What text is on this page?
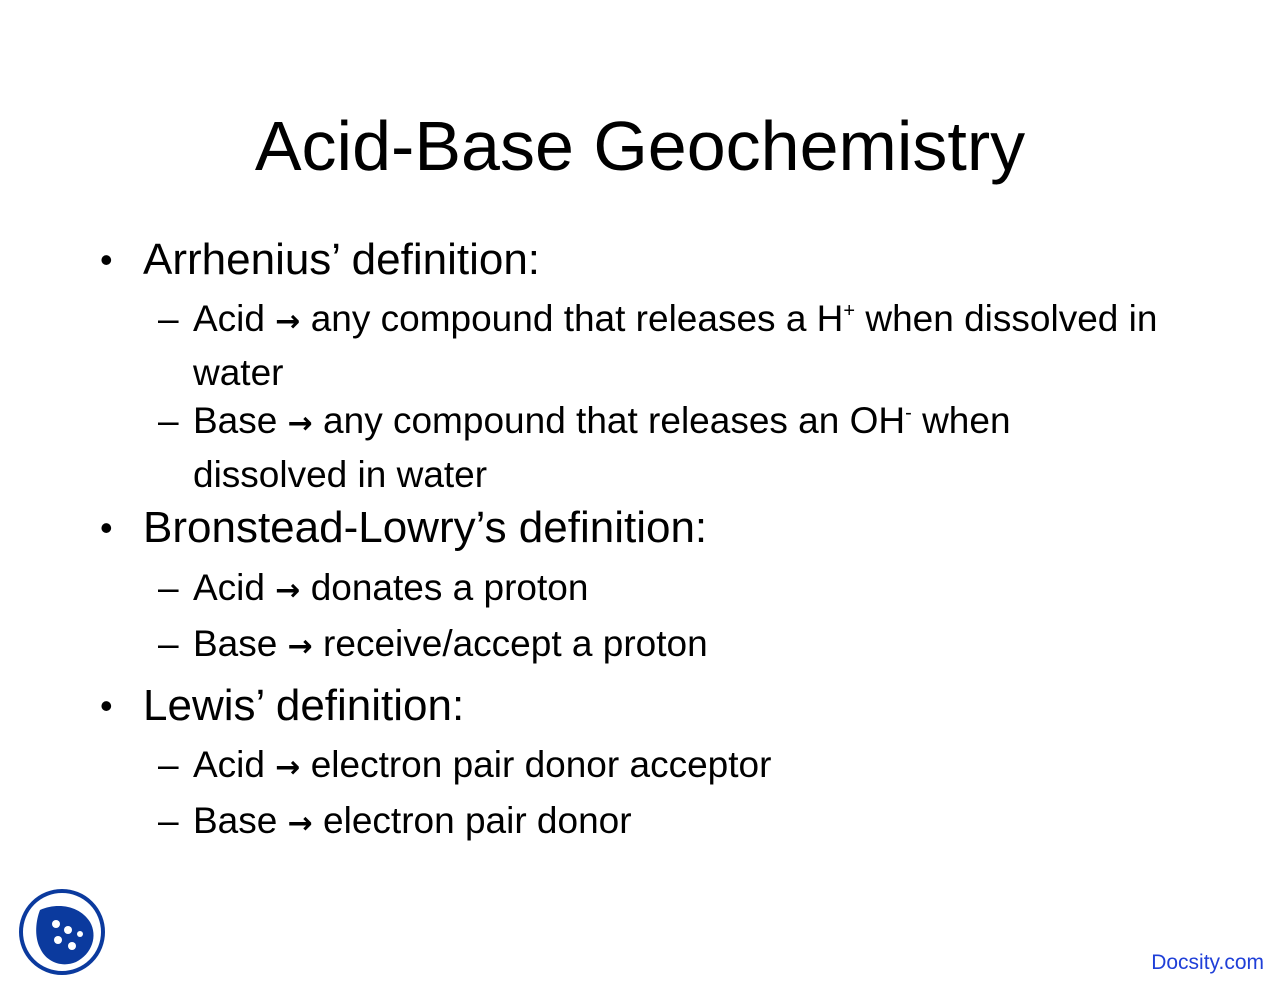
Acid-Base Geochemistry
• Arrhenius’ definition:
– Acid → any compound that releases a H+ when dissolved in water
– Base → any compound that releases an OH- when dissolved in water
• Bronstead-Lowry’s definition:
– Acid → donates a proton
– Base → receive/accept a proton
• Lewis’ definition:
– Acid → electron pair donor acceptor
– Base → electron pair donor
Docsity.com
